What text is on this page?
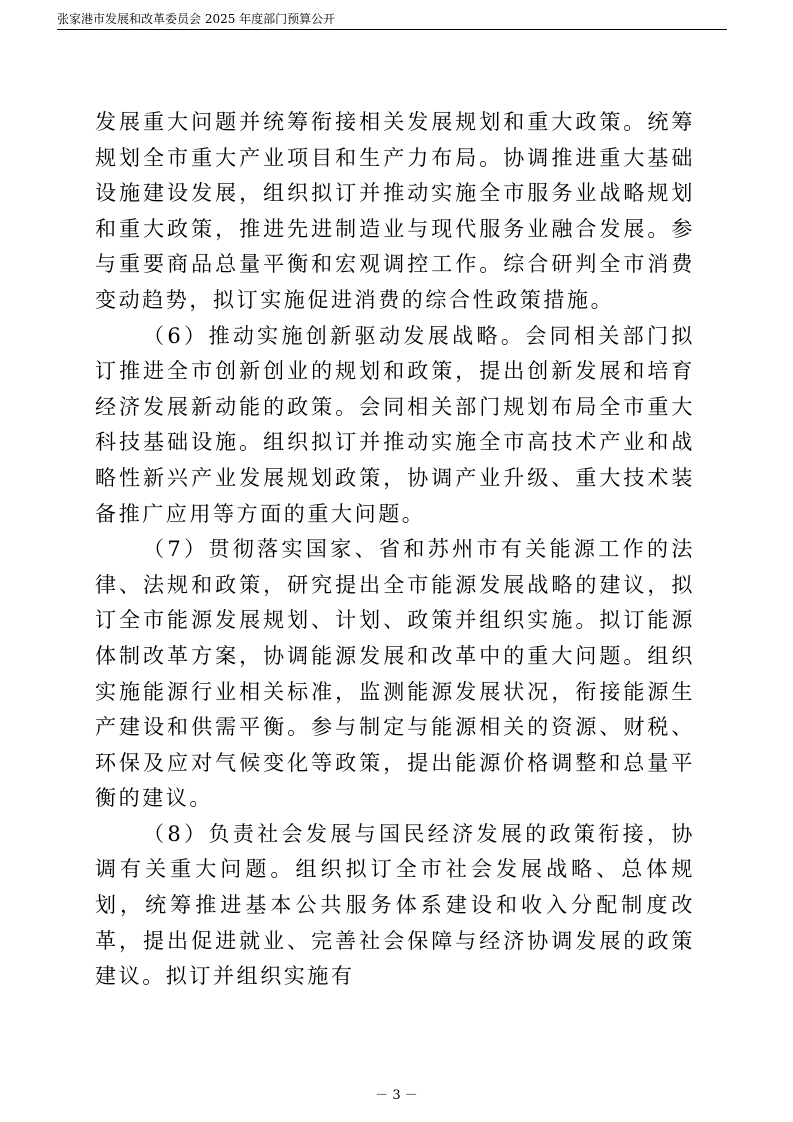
张家港市发展和改革委员会 2025 年度部门预算公开

发展重大问题并统筹衔接相关发展规划和重大政策。统筹规划全市重大产业项目和生产力布局。协调推进重大基础设施建设发展，组织拟订并推动实施全市服务业战略规划和重大政策，推进先进制造业与现代服务业融合发展。参与重要商品总量平衡和宏观调控工作。综合研判全市消费变动趋势，拟订实施促进消费的综合性政策措施。

（6）推动实施创新驱动发展战略。会同相关部门拟订推进全市创新创业的规划和政策，提出创新发展和培育经济发展新动能的政策。会同相关部门规划布局全市重大科技基础设施。组织拟订并推动实施全市高技术产业和战略性新兴产业发展规划政策，协调产业升级、重大技术装备推广应用等方面的重大问题。

（7）贯彻落实国家、省和苏州市有关能源工作的法律、法规和政策，研究提出全市能源发展战略的建议，拟订全市能源发展规划、计划、政策并组织实施。拟订能源体制改革方案，协调能源发展和改革中的重大问题。组织实施能源行业相关标准，监测能源发展状况，衔接能源生产建设和供需平衡。参与制定与能源相关的资源、财税、环保及应对气候变化等政策，提出能源价格调整和总量平衡的建议。

（8）负责社会发展与国民经济发展的政策衔接，协调有关重大问题。组织拟订全市社会发展战略、总体规划，统筹推进基本公共服务体系建设和收入分配制度改革，提出促进就业、完善社会保障与经济协调发展的政策建议。拟订并组织实施有

－ 3 －
